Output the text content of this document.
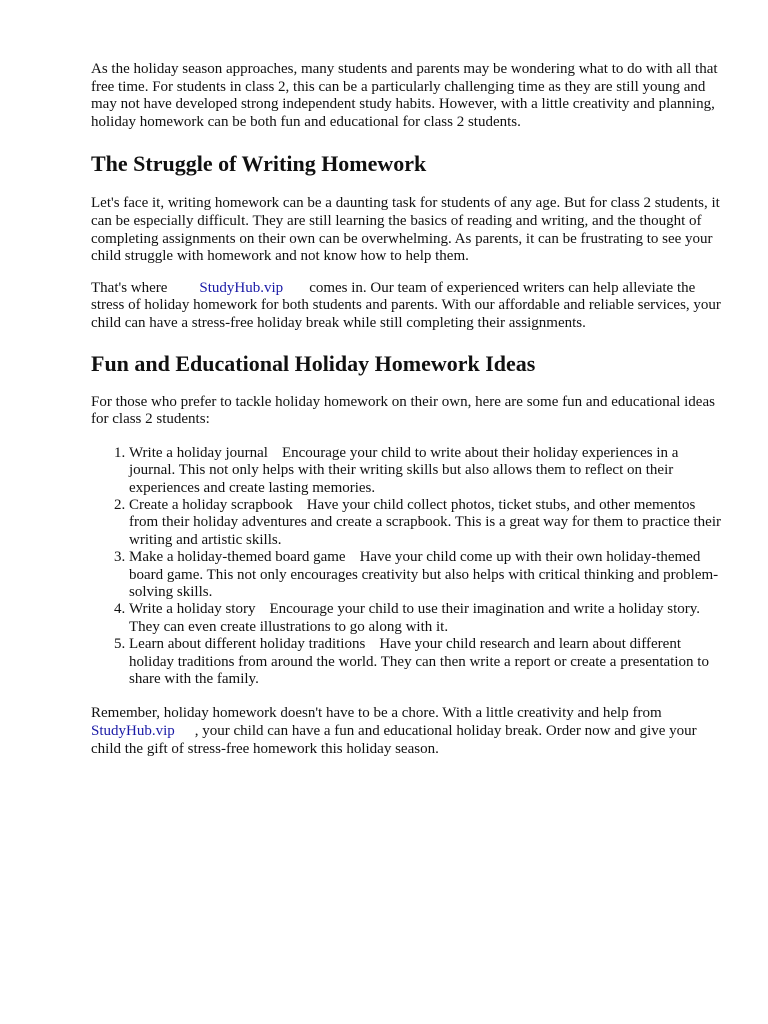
As the holiday season approaches, many students and parents may be wondering what to do with all that free time. For students in class 2, this can be a particularly challenging time as they are still young and may not have developed strong independent study habits. However, with a little creativity and planning, holiday homework can be both fun and educational for class 2 students.

The Struggle of Writing Homework

Let's face it, writing homework can be a daunting task for students of any age. But for class 2 students, it can be especially difficult. They are still learning the basics of reading and writing, and the thought of completing assignments on their own can be overwhelming. As parents, it can be frustrating to see your child struggle with homework and not know how to help them.

That's where StudyHub.vip comes in. Our team of experienced writers can help alleviate the stress of holiday homework for both students and parents. With our affordable and reliable services, your child can have a stress-free holiday break while still completing their assignments.

Fun and Educational Holiday Homework Ideas

For those who prefer to tackle holiday homework on their own, here are some fun and educational ideas for class 2 students:

1. Write a holiday journal Encourage your child to write about their holiday experiences in a journal. This not only helps with their writing skills but also allows them to reflect on their experiences and create lasting memories.
2. Create a holiday scrapbook Have your child collect photos, ticket stubs, and other mementos from their holiday adventures and create a scrapbook. This is a great way for them to practice their writing and artistic skills.
3. Make a holiday-themed board game Have your child come up with their own holiday-themed board game. This not only encourages creativity but also helps with critical thinking and problem-solving skills.
4. Write a holiday story Encourage your child to use their imagination and write a holiday story. They can even create illustrations to go along with it.
5. Learn about different holiday traditions Have your child research and learn about different holiday traditions from around the world. They can then write a report or create a presentation to share with the family.

Remember, holiday homework doesn't have to be a chore. With a little creativity and help from StudyHub.vip , your child can have a fun and educational holiday break. Order now and give your child the gift of stress-free homework this holiday season.
